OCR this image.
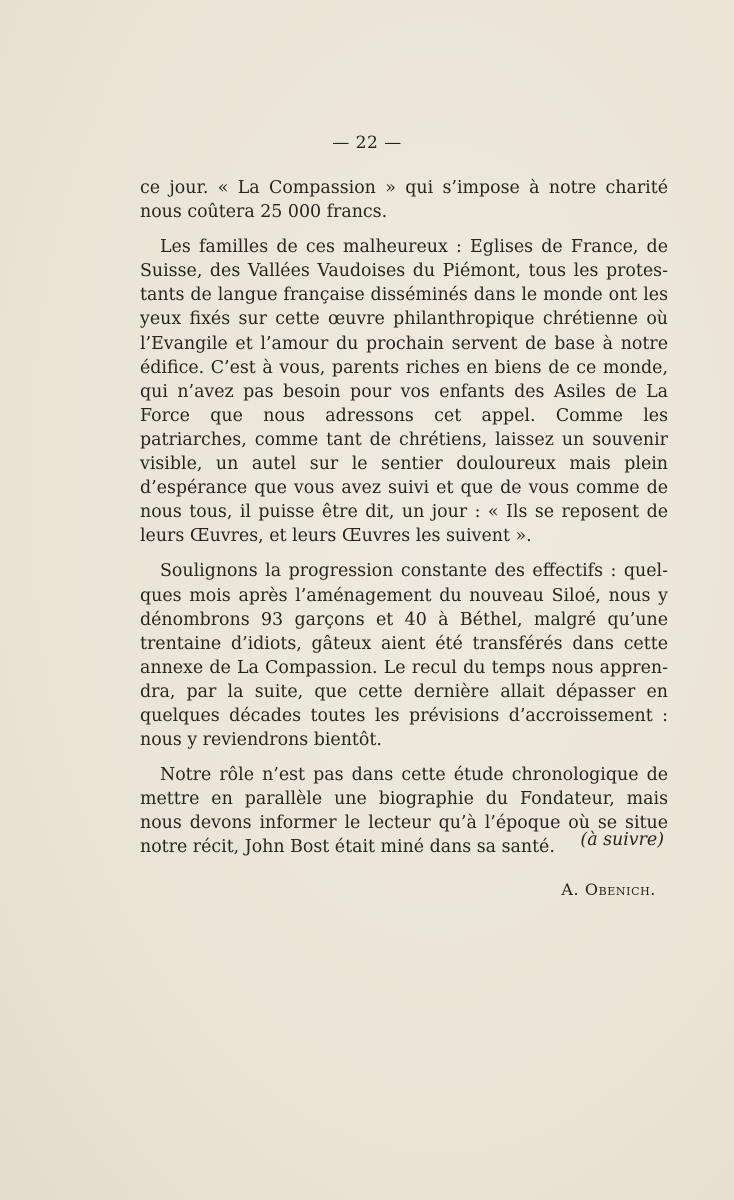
— 22 —

ce jour. « La Compassion » qui s’impose à notre charité nous coûtera 25 000 francs.

Les familles de ces malheureux : Eglises de France, de Suisse, des Vallées Vaudoises du Piémont, tous les protestants de langue française disséminés dans le monde ont les yeux fixés sur cette œuvre philanthropique chrétienne où l’Evangile et l’amour du prochain servent de base à notre édifice. C’est à vous, parents riches en biens de ce monde, qui n’avez pas besoin pour vos enfants des Asiles de La Force que nous adressons cet appel. Comme les patriarches, comme tant de chrétiens, laissez un souvenir visible, un autel sur le sentier douloureux mais plein d’espérance que vous avez suivi et que de vous comme de nous tous, il puisse être dit, un jour : « Ils se reposent de leurs Œuvres, et leurs Œuvres les suivent ».

Soulignons la progression constante des effectifs : quelques mois après l’aménagement du nouveau Siloé, nous y dénombrons 93 garçons et 40 à Béthel, malgré qu’une trentaine d’idiots, gâteux aient été transférés dans cette annexe de La Compassion. Le recul du temps nous apprendra, par la suite, que cette dernière allait dépasser en quelques décades toutes les prévisions d’accroissement : nous y reviendrons bientôt.

Notre rôle n’est pas dans cette étude chronologique de mettre en parallèle une biographie du Fondateur, mais nous devons informer le lecteur qu’à l’époque où se situe notre récit, John Bost était miné dans sa santé.	(à suivre)
A. Obenich.
